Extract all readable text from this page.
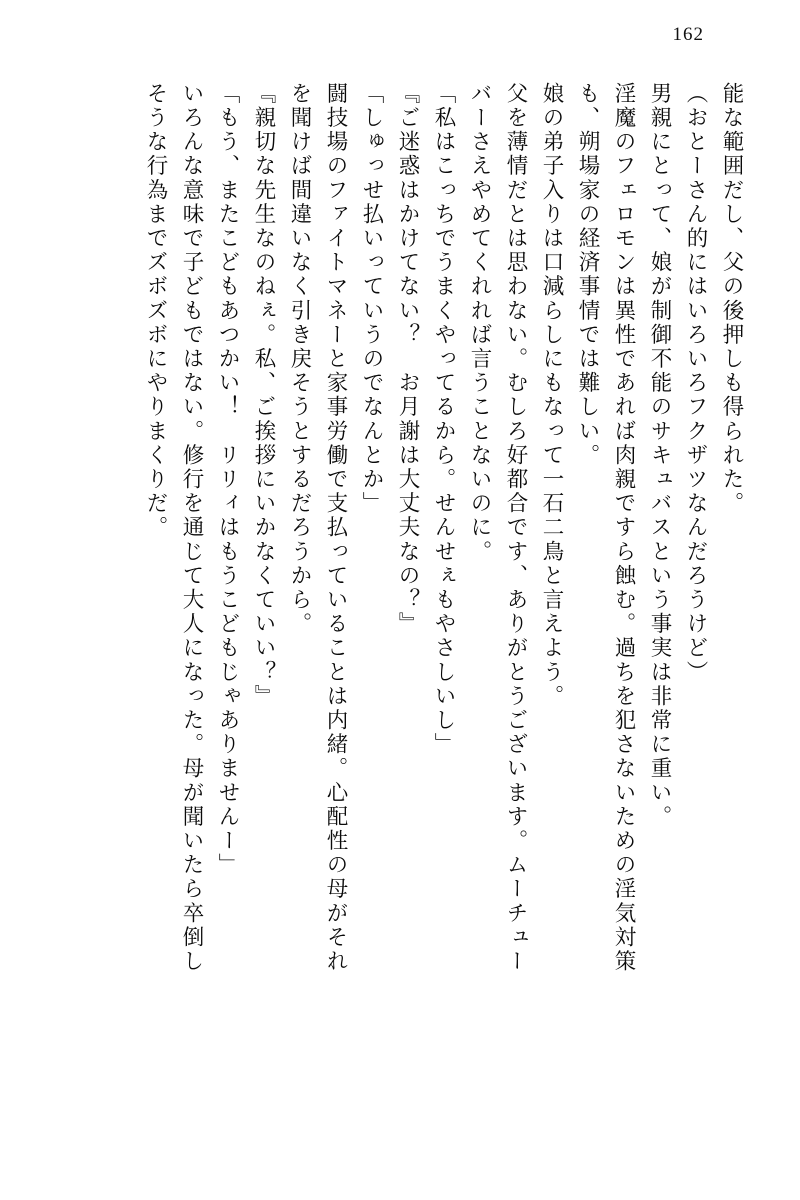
162
能な範囲だし、父の後押しも得られた。
（おとーさん的にはいろいろフクザツなんだろうけど）
男親にとって、娘が制御不能のサキュバスという事実は非常に重い。
淫魔のフェロモンは異性であれば肉親ですら蝕む。過ちを犯さないための淫気対策
も、朔場家の経済事情では難しい。
娘の弟子入りは口減らしにもなって一石二鳥と言えよう。
父を薄情だとは思わない。むしろ好都合です、ありがとうございます。ムーチュー
バーさえやめてくれれば言うことないのに。
「私はこっちでうまくやってるから。せんせぇもやさしいし」
『ご迷惑はかけてない？　お月謝は大丈夫なの？』
「しゅっせ払いっていうのでなんとか」
闘技場のファイトマネーと家事労働で支払っていることは内緒。心配性の母がそれ
を聞けば間違いなく引き戻そうとするだろうから。
『親切な先生なのねぇ。私、ご挨拶にいかなくていい？』
「もう、またこどもあつかい！　リリィはもうこどもじゃありませんー」
いろんな意味で子どもではない。修行を通じて大人になった。母が聞いたら卒倒し
そうな行為までズボズボにやりまくりだ。
